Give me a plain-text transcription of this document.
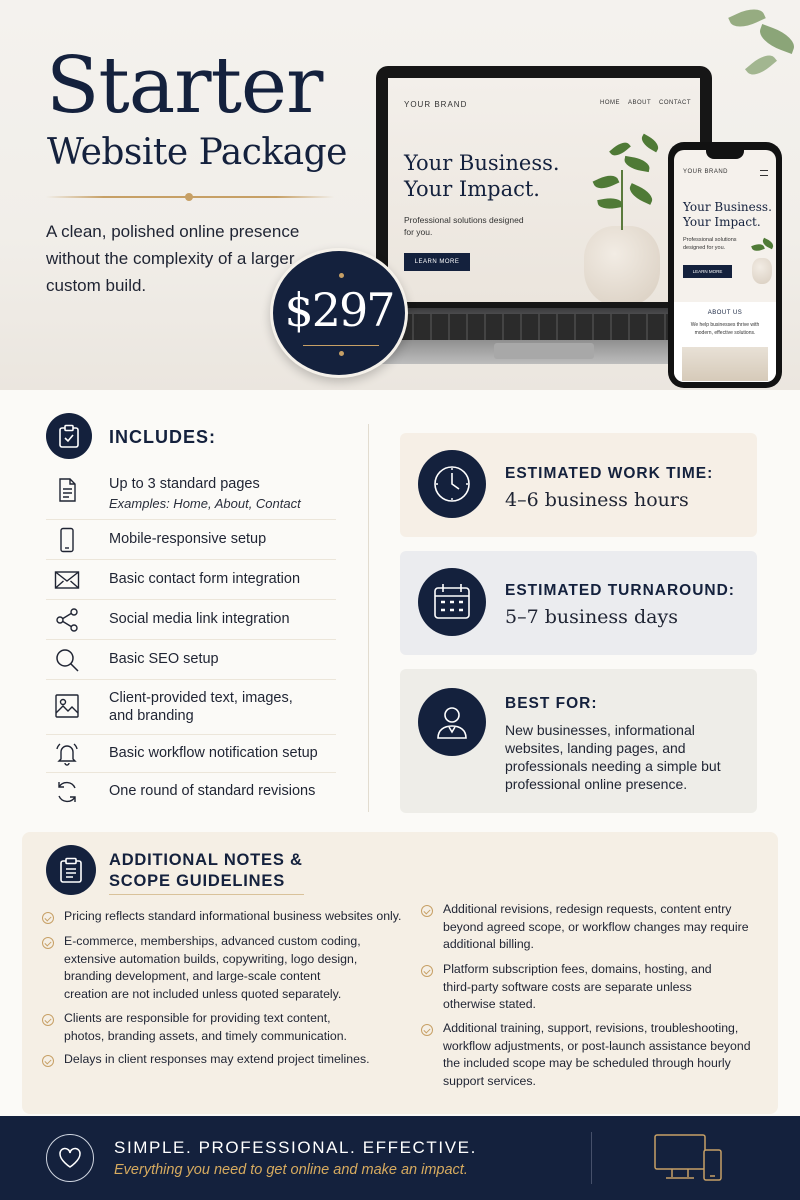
Starter
Website Package
A clean, polished online presence without the complexity of a larger custom build.
YOUR BRAND	HOME ABOUT CONTACT
Your Business.
Your Impact.
Professional solutions designed for you.
LEARN MORE
YOUR BRAND
Your Business.
Your Impact.
Professional solutions designed for you.
LEARN MORE
ABOUT US
We help businesses thrive with modern, effective solutions.
$297
INCLUDES:
Up to 3 standard pages
Examples: Home, About, Contact
Mobile-responsive setup
Basic contact form integration
Social media link integration
Basic SEO setup
Client-provided text, images, and branding
Basic workflow notification setup
One round of standard revisions
ESTIMATED WORK TIME:
4–6 business hours
ESTIMATED TURNAROUND:
5–7 business days
BEST FOR:
New businesses, informational websites, landing pages, and professionals needing a simple but professional online presence.
ADDITIONAL NOTES &
SCOPE GUIDELINES
Pricing reflects standard informational business websites only.
E-commerce, memberships, advanced custom coding, extensive automation builds, copywriting, logo design, branding development, and large-scale content creation are not included unless quoted separately.
Clients are responsible for providing text content, photos, branding assets, and timely communication.
Delays in client responses may extend project timelines.
Additional revisions, redesign requests, content entry beyond agreed scope, or workflow changes may require additional billing.
Platform subscription fees, domains, hosting, and third-party software costs are separate unless otherwise stated.
Additional training, support, revisions, troubleshooting, workflow adjustments, or post-launch assistance beyond the included scope may be scheduled through hourly support services.
SIMPLE. PROFESSIONAL. EFFECTIVE.
Everything you need to get online and make an impact.
